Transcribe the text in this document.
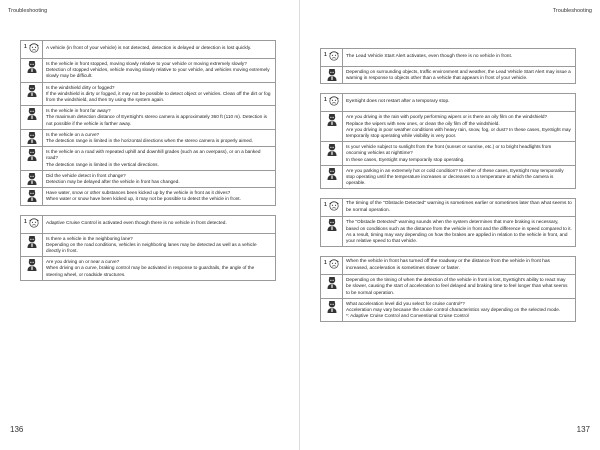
Troubleshooting
1	A vehicle (in front of your vehicle) is not detected, detection is delayed or detection is lost quickly.
Is the vehicle in front stopped, moving slowly relative to your vehicle or moving extremely slowly?
Detection of stopped vehicles, vehicle moving slowly relative to your vehicle, and vehicles moving extremely slowly may be difficult.
Is the windshield dirty or fogged?
If the windshield is dirty or fogged, it may not be possible to detect object or vehicles. Clean off the dirt or fog from the windshield, and then try using the system again.
Is the vehicle in front far away?
The maximum detection distance of EyeSight's stereo camera is approximately 360 ft (110 m). Detection is not possible if the vehicle is farther away.
Is the vehicle on a curve?
The detection range is limited in the horizontal directions when the stereo camera is properly aimed.
Is the vehicle on a road with repeated uphill and downhill grades (such as an overpass), or on a banked road?
The detection range is limited in the vertical directions.
Did the vehicle detect in front change?
Detection may be delayed after the vehicle in front has changed.
Have water, snow or other substances been kicked up by the vehicle in front as it drives?
When water or snow have been kicked up, it may not be possible to detect the vehicle in front.
1	Adaptive Cruise Control is activated even though there is no vehicle in front detected.
Is there a vehicle in the neighboring lane?
Depending on the road conditions, vehicles in neighboring lanes may be detected as well as a vehicle directly in front.
Are you driving on or near a curve?
When driving on a curve, braking control may be activated in response to guardrails, the angle of the steering wheel, or roadside structures.
136
Troubleshooting
1	The Lead Vehicle Start Alert activates, even though there is no vehicle in front.
Depending on surrounding objects, traffic environment and weather, the Lead Vehicle Start Alert may issue a warning in response to objects other than a vehicle that appears in front of your vehicle.
1	EyeSight does not restart after a temporary stop.
Are you driving in the rain with poorly performing wipers or is there an oily film on the windshield?
Replace the wipers with new ones, or clean the oily film off the windshield.
Are you driving in poor weather conditions with heavy rain, snow, fog, or dust? In these cases, EyeSight may temporarily stop operating while visibility is very poor.
Is your vehicle subject to sunlight from the front (sunset or sunrise, etc.) or to bright headlights from oncoming vehicles at nighttime?
In these cases, EyeSight may temporarily stop operating.
Are you parking in an extremely hot or cold condition? In either of these cases, EyeSight may temporarily stop operating until the temperature increases or decreases to a temperature at which the camera is operable.
1	The timing of the "Obstacle Detected" warning is sometimes earlier or sometimes later than what seems to be normal operation.
The "Obstacle Detected" warning sounds when the system determines that more braking is necessary, based on conditions such as the distance from the vehicle in front and the difference in speed compared to it. As a result, timing may vary depending on how the brakes are applied in relation to the vehicle in front, and your relative speed to that vehicle.
1	When the vehicle in front has turned off the roadway or the distance from the vehicle in front has increased, acceleration is sometimes slower or faster.
Depending on the timing of when the detection of the vehicle in front is lost, EyeSight's ability to react may be slower, causing the start of acceleration to feel delayed and braking time to feel longer than what seems to be normal operation.
What acceleration level did you select for cruise control*?
Acceleration may vary because the cruise control characteristics vary depending on the selected mode.
*: Adaptive Cruise Control and Conventional Cruise Control
137
